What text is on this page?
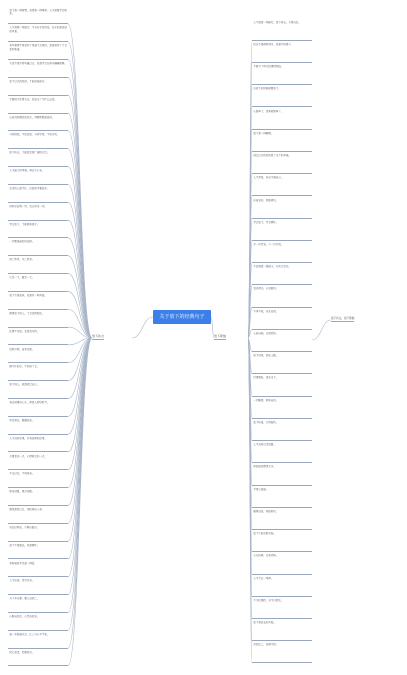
放下是一种智慧，舍得是一种境界，人生需要学会取舍。
人生就像一场旅行，不必在乎目的地，在乎的是沿途的风景。
有些事情不是看到了希望才去坚持，而是坚持了才会看到希望。
生活不是等待风暴过去，而是学会在雨中翩翩起舞。
放下过去的包袱，才能轻装前行。
不要因为走得太远，而忘记了为什么出发。
心若没有栖息的地方，到哪里都是流浪。
与其抱怨，不如改变；与其等待，不如行动。
放下执念，才能看见更广阔的天空。
人生最大的幸福，莫过于心安。
该走的人留不住，该放的手要放开。
时间会证明一切，也会冲淡一切。
学会放下，才能拥有更多。
一切都是最好的安排。
得之我幸，失之我命。
心宽一寸，路宽一丈。
放下不是放弃，而是另一种开始。
懂得放下的人，才会活得轻松。
往事不可追，来者犹可待。
世间万物，皆有定数。
握不住的沙，不如扬了它。
放下别人，就是放过自己。
若无闲事挂心头，便是人间好时节。
知足常乐，随遇而安。
人生没有如果，只有结果和后果。
凡事看淡一点，心情就会好一点。
不念过往，不畏将来。
缘来则聚，缘去则散。
静坐常思己过，闲谈莫论人非。
淡泊以明志，宁静以致远。
放下不是遗忘，而是释怀。
有时候放手也是一种爱。
人生如茶，苦尽甘来。
天下本无事，庸人自扰之。
心静自然凉，心宽自然安。
退一步海阔天空，让三分心平气和。
把心放宽，把事看淡。
人生就是一场修行，放下执念，方得自在。
快乐不是拥有得多，而是计较得少。
不要为了昨天的事情烦恼。
该放下的时候就要放下。
心简单了，世界就简单了。
放下是一种解脱。
别让过去的悲伤毁了当下的幸福。
人生苦短，何必为难自己。
你若安好，便是晴天。
学会放下，学会释怀。
多一份宽容，少一份计较。
生活就是一面镜子，你笑它也笑。
看淡得失，从容面对。
不争不抢，自在安然。
心若向阳，无畏悲伤。
放下包袱，轻松上路。
珍惜眼前，活在当下。
一切随缘，顺其自然。
放下执着，方得始终。
人生没有白走的路。
烦恼皆因想得太多。
平常心是道。
随缘自适，烦恼即去。
放下才能重新开始。
心无挂碍，无有恐怖。
人生不过一场梦。
不为往事扰，余生只愿笑。
放下是成长的开始。
淡然处之，宠辱不惊。
关于放下的经典句子
放下执念	放下烦恼
放下执念，放下烦恼
